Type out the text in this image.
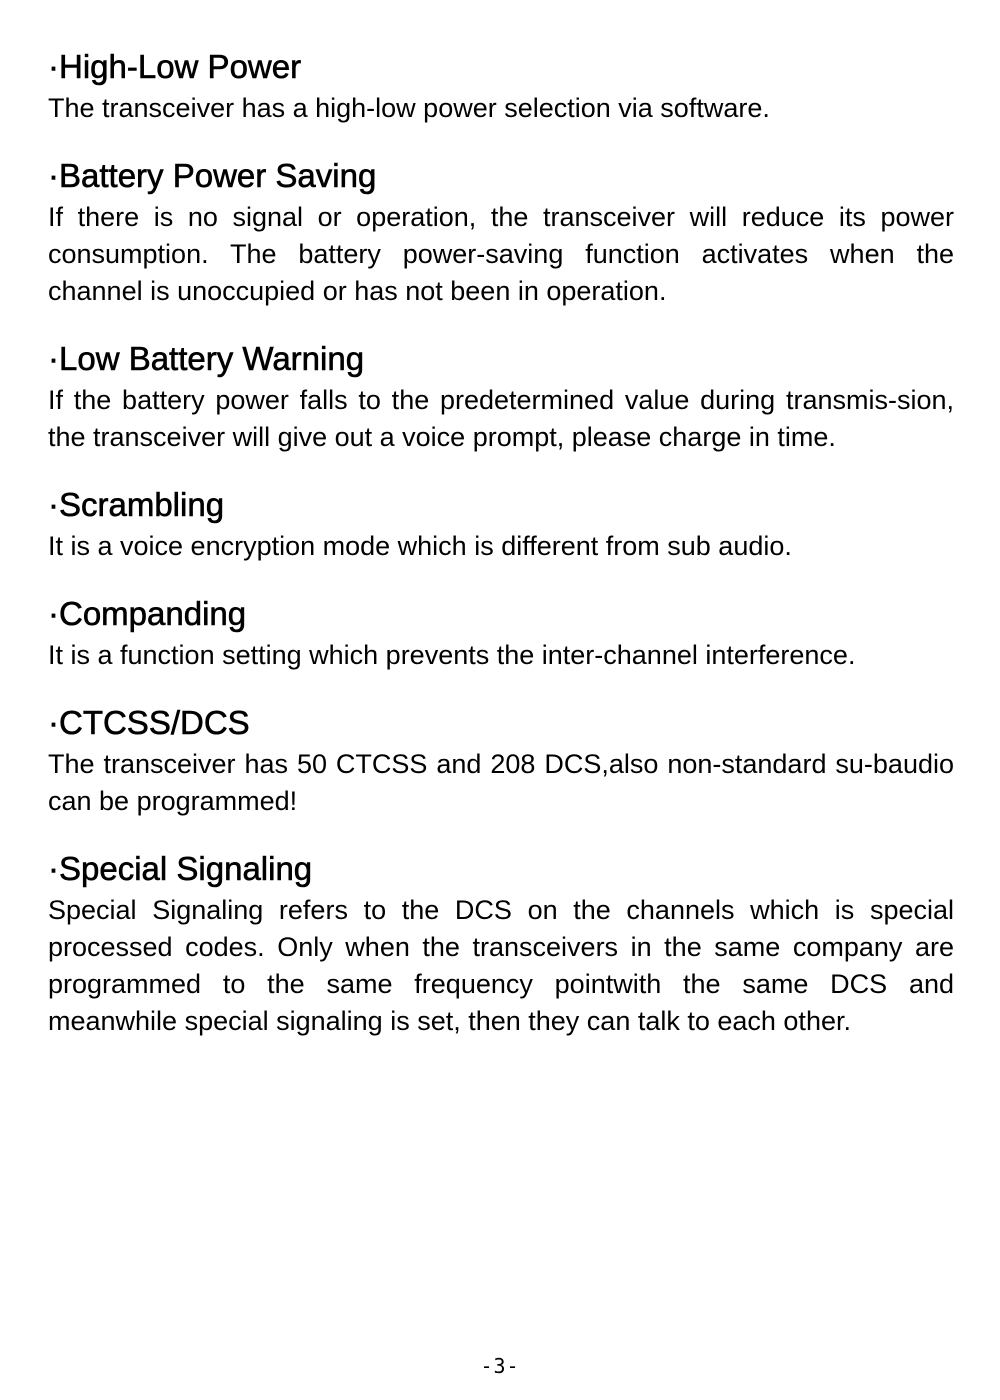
·High-Low Power

The transceiver has a high-low power selection via software.

·Battery Power Saving

If there is no signal or operation, the transceiver will reduce its power consumption. The battery power-saving function activates when the channel is unoccupied or has not been in operation.

·Low Battery Warning

If the battery power falls to the predetermined value during transmis-sion, the transceiver will give out a voice prompt, please charge in time.

·Scrambling

It is a voice encryption mode which is different from sub audio.

·Companding

It is a function setting which prevents the inter-channel interference.

·CTCSS/DCS

The transceiver has 50 CTCSS and 208 DCS,also non-standard su-baudio can be programmed!

·Special Signaling

Special Signaling refers to the DCS on the channels which is special processed codes. Only when the transceivers in the same company are programmed to the same frequency pointwith the same DCS and meanwhile special signaling is set, then they can talk to each other.

-3-
